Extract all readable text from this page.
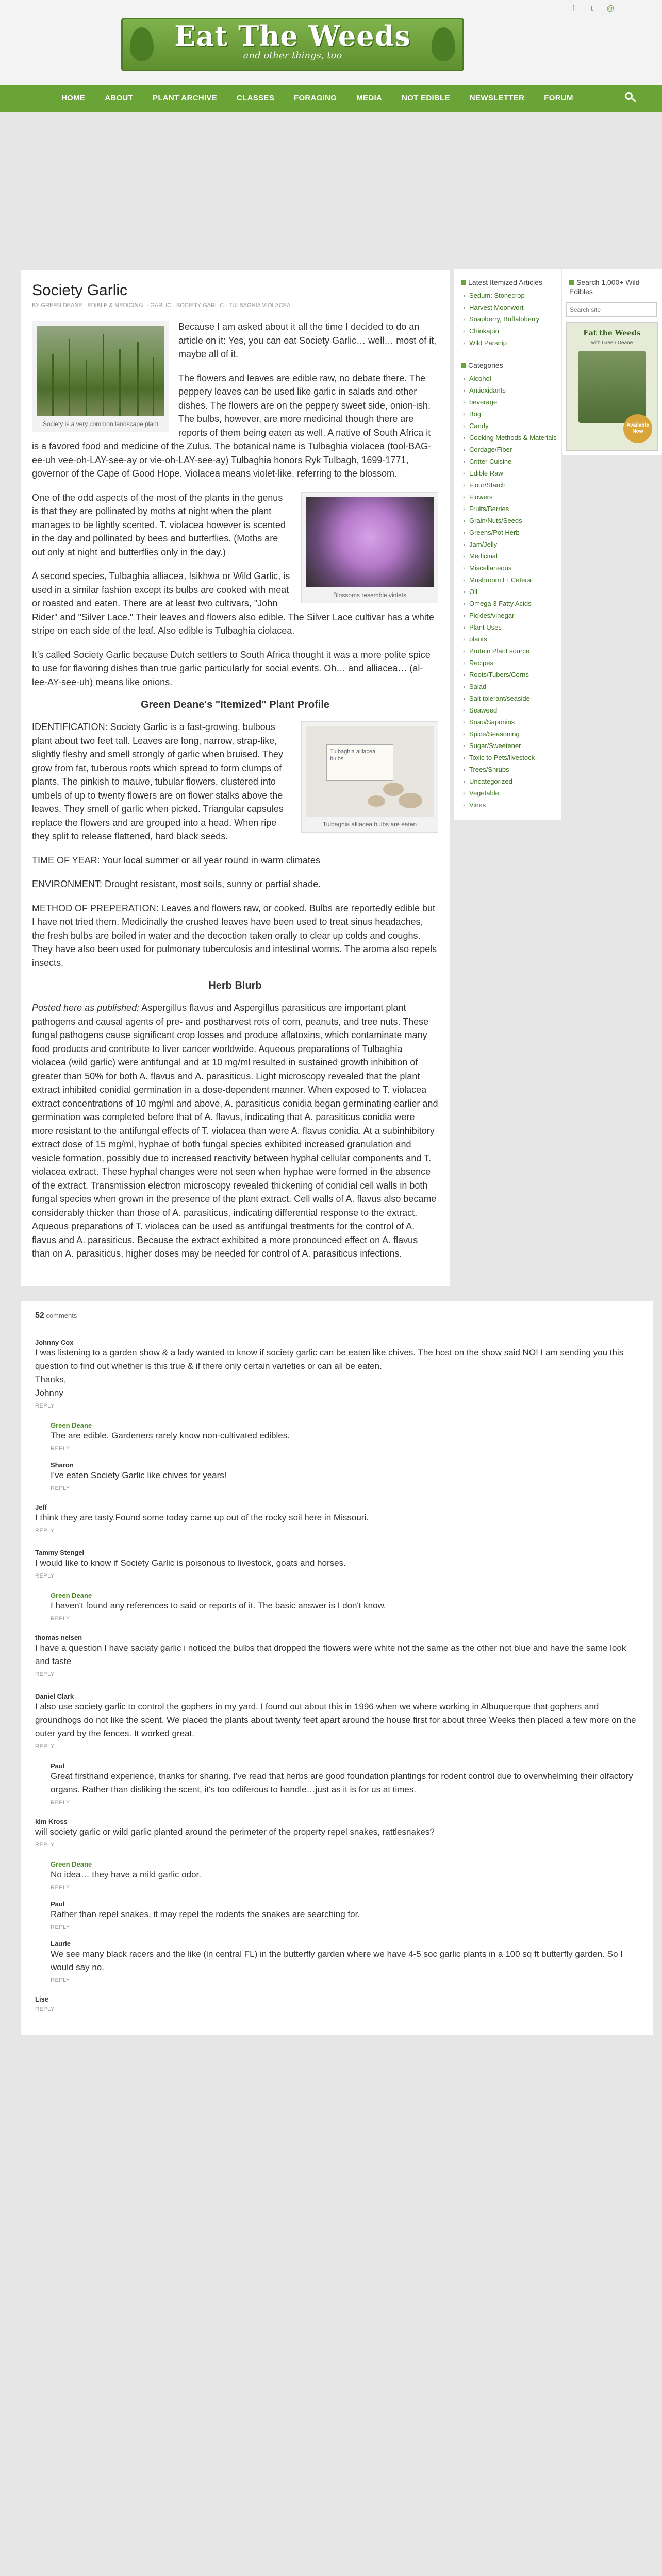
f	t	@
Eat The Weeds
and other things, too
HOME	ABOUT	PLANT ARCHIVE	CLASSES	FORAGING	MEDIA	NOT EDIBLE	NEWSLETTER	FORUM
Society Garlic
BY GREEN DEANE · EDIBLE & MEDICINAL · GARLIC · SOCIETY GARLIC · TULBAGHIA VIOLACEA
Society is a very common landscape plant

Because I am asked about it all the time I decided to do an article on it: Yes, you can eat Society Garlic… well… most of it, maybe all of it.

The flowers and leaves are edible raw, no debate there. The peppery leaves can be used like garlic in salads and other dishes. The flowers are on the peppery sweet side, onion-ish. The bulbs, however, are more medicinal though there are reports of them being eaten as well. A native of South Africa it is a favored food and medicine of the Zulus. The botanical name is Tulbaghia violacea (tool-BAG-ee-uh vee-oh-LAY-see-ay or vie-oh-LAY-see-ay) Tulbaghia honors Ryk Tulbagh, 1699-1771, governor of the Cape of Good Hope. Violacea means violet-like, referring to the blossom.

Blossoms resemble violets

One of the odd aspects of the most of the plants in the genus is that they are pollinated by moths at night when the plant manages to be lightly scented. T. violacea however is scented in the day and pollinated by bees and butterflies. (Moths are out only at night and butterflies only in the day.)

A second species, Tulbaghia alliacea, Isikhwa or Wild Garlic, is used in a similar fashion except its bulbs are cooked with meat or roasted and eaten. There are at least two cultivars, "John Rider" and "Silver Lace." Their leaves and flowers also edible. The Silver Lace cultivar has a white stripe on each side of the leaf. Also edible is Tulbaghia ciolacea.

It's called Society Garlic because Dutch settlers to South Africa thought it was a more polite spice to use for flavoring dishes than true garlic particularly for social events. Oh… and alliacea… (al-lee-AY-see-uh) means like onions.

Green Deane's "Itemized" Plant Profile
Tulbaghia alliacea bulbs
Tulbaghia alliacea bulbs are eaten

IDENTIFICATION: Society Garlic is a fast-growing, bulbous plant about two feet tall. Leaves are long, narrow, strap-like, slightly fleshy and smell strongly of garlic when bruised. They grow from fat, tuberous roots which spread to form clumps of plants. The pinkish to mauve, tubular flowers, clustered into umbels of up to twenty flowers are on flower stalks above the leaves. They smell of garlic when picked. Triangular capsules replace the flowers and are grouped into a head. When ripe they split to release flattened, hard black seeds.

TIME OF YEAR: Your local summer or all year round in warm climates

ENVIRONMENT: Drought resistant, most soils, sunny or partial shade.

METHOD OF PREPERATION: Leaves and flowers raw, or cooked. Bulbs are reportedly edible but I have not tried them. Medicinally the crushed leaves have been used to treat sinus headaches, the fresh bulbs are boiled in water and the decoction taken orally to clear up colds and coughs. They have also been used for pulmonary tuberculosis and intestinal worms. The aroma also repels insects.

Herb Blurb

Posted here as published: Aspergillus flavus and Aspergillus parasiticus are important plant pathogens and causal agents of pre- and postharvest rots of corn, peanuts, and tree nuts. These fungal pathogens cause significant crop losses and produce aflatoxins, which contaminate many food products and contribute to liver cancer worldwide. Aqueous preparations of Tulbaghia violacea (wild garlic) were antifungal and at 10 mg/ml resulted in sustained growth inhibition of greater than 50% for both A. flavus and A. parasiticus. Light microscopy revealed that the plant extract inhibited conidial germination in a dose-dependent manner. When exposed to T. violacea extract concentrations of 10 mg/ml and above, A. parasiticus conidia began germinating earlier and germination was completed before that of A. flavus, indicating that A. parasiticus conidia were more resistant to the antifungal effects of T. violacea than were A. flavus conidia. At a subinhibitory extract dose of 15 mg/ml, hyphae of both fungal species exhibited increased granulation and vesicle formation, possibly due to increased reactivity between hyphal cellular components and T. violacea extract. These hyphal changes were not seen when hyphae were formed in the absence of the extract. Transmission electron microscopy revealed thickening of conidial cell walls in both fungal species when grown in the presence of the plant extract. Cell walls of A. flavus also became considerably thicker than those of A. parasiticus, indicating differential response to the extract. Aqueous preparations of T. violacea can be used as antifungal treatments for the control of A. flavus and A. parasiticus. Because the extract exhibited a more pronounced effect on A. flavus than on A. parasiticus, higher doses may be needed for control of A. parasiticus infections.

Latest Itemized Articles
› Sedum: Stonecrop
› Harvest Moonwort
› Soapberry, Buffaloberry
› Chinkapin
› Wild Parsnip
Categories
› Alcohol
› Antioxidants
› beverage
› Bog
› Candy
› Cooking Methods & Materials
› Cordage/Fiber
› Critter Cuisine
› Edible Raw
› Flour/Starch
› Flowers
› Fruits/Berries
› Grain/Nuts/Seeds
› Greens/Pot Herb
› Jam/Jelly
› Medicinal
› Miscellaneous
› Mushroom Et Cetera
› Oil
› Omega 3 Fatty Acids
› Pickles/vinegar
› Plant Uses
› plants
› Protein Plant source
› Recipes
› Roots/Tubers/Corns
› Salad
› Salt tolerant/seaside
› Seaweed
› Soap/Saponins
› Spice/Seasoning
› Sugar/Sweetener
› Toxic to Pets/livestock
› Trees/Shrubs
› Uncategorized
› Vegetable
› Vines
Search 1,000+ Wild Edibles
Search site
Eat the Weeds
with Green Deane
Available Now
52 comments
Johnny Cox
I was listening to a garden show & a lady wanted to know if society garlic can be eaten like chives. The host on the show said NO! I am sending you this question to find out whether is this true & if there only certain varieties or can all be eaten.
Thanks,
Johnny
REPLY
Green Deane
The are edible. Gardeners rarely know non-cultivated edibles.
REPLY
Sharon
I've eaten Society Garlic like chives for years!
REPLY
Jeff
I think they are tasty.Found some today came up out of the rocky soil here in Missouri.
REPLY
Tammy Stengel
I would like to know if Society Garlic is poisonous to livestock, goats and horses.
REPLY
Green Deane
I haven't found any references to said or reports of it. The basic answer is I don't know.
REPLY
thomas nelsen
I have a question I have saciaty garlic i noticed the bulbs that dropped the flowers were white not the same as the other not blue and have the same look and taste
REPLY
Daniel Clark
I also use society garlic to control the gophers in my yard. I found out about this in 1996 when we where working in Albuquerque that gophers and groundhogs do not like the scent. We placed the plants about twenty feet apart around the house first for about three Weeks then placed a few more on the outer yard by the fences. It worked great.
REPLY
Paul
Great firsthand experience, thanks for sharing. I've read that herbs are good foundation plantings for rodent control due to overwhelming their olfactory organs. Rather than disliking the scent, it's too odiferous to handle…just as it is for us at times.
REPLY
kim Kross
will society garlic or wild garlic planted around the perimeter of the property repel snakes, rattlesnakes?
REPLY
Green Deane
No idea… they have a mild garlic odor.
REPLY
Paul
Rather than repel snakes, it may repel the rodents the snakes are searching for.
REPLY
Laurie
We see many black racers and the like (in central FL) in the butterfly garden where we have 4-5 soc garlic plants in a 100 sq ft butterfly garden. So I would say no.
REPLY
Lise
REPLY
